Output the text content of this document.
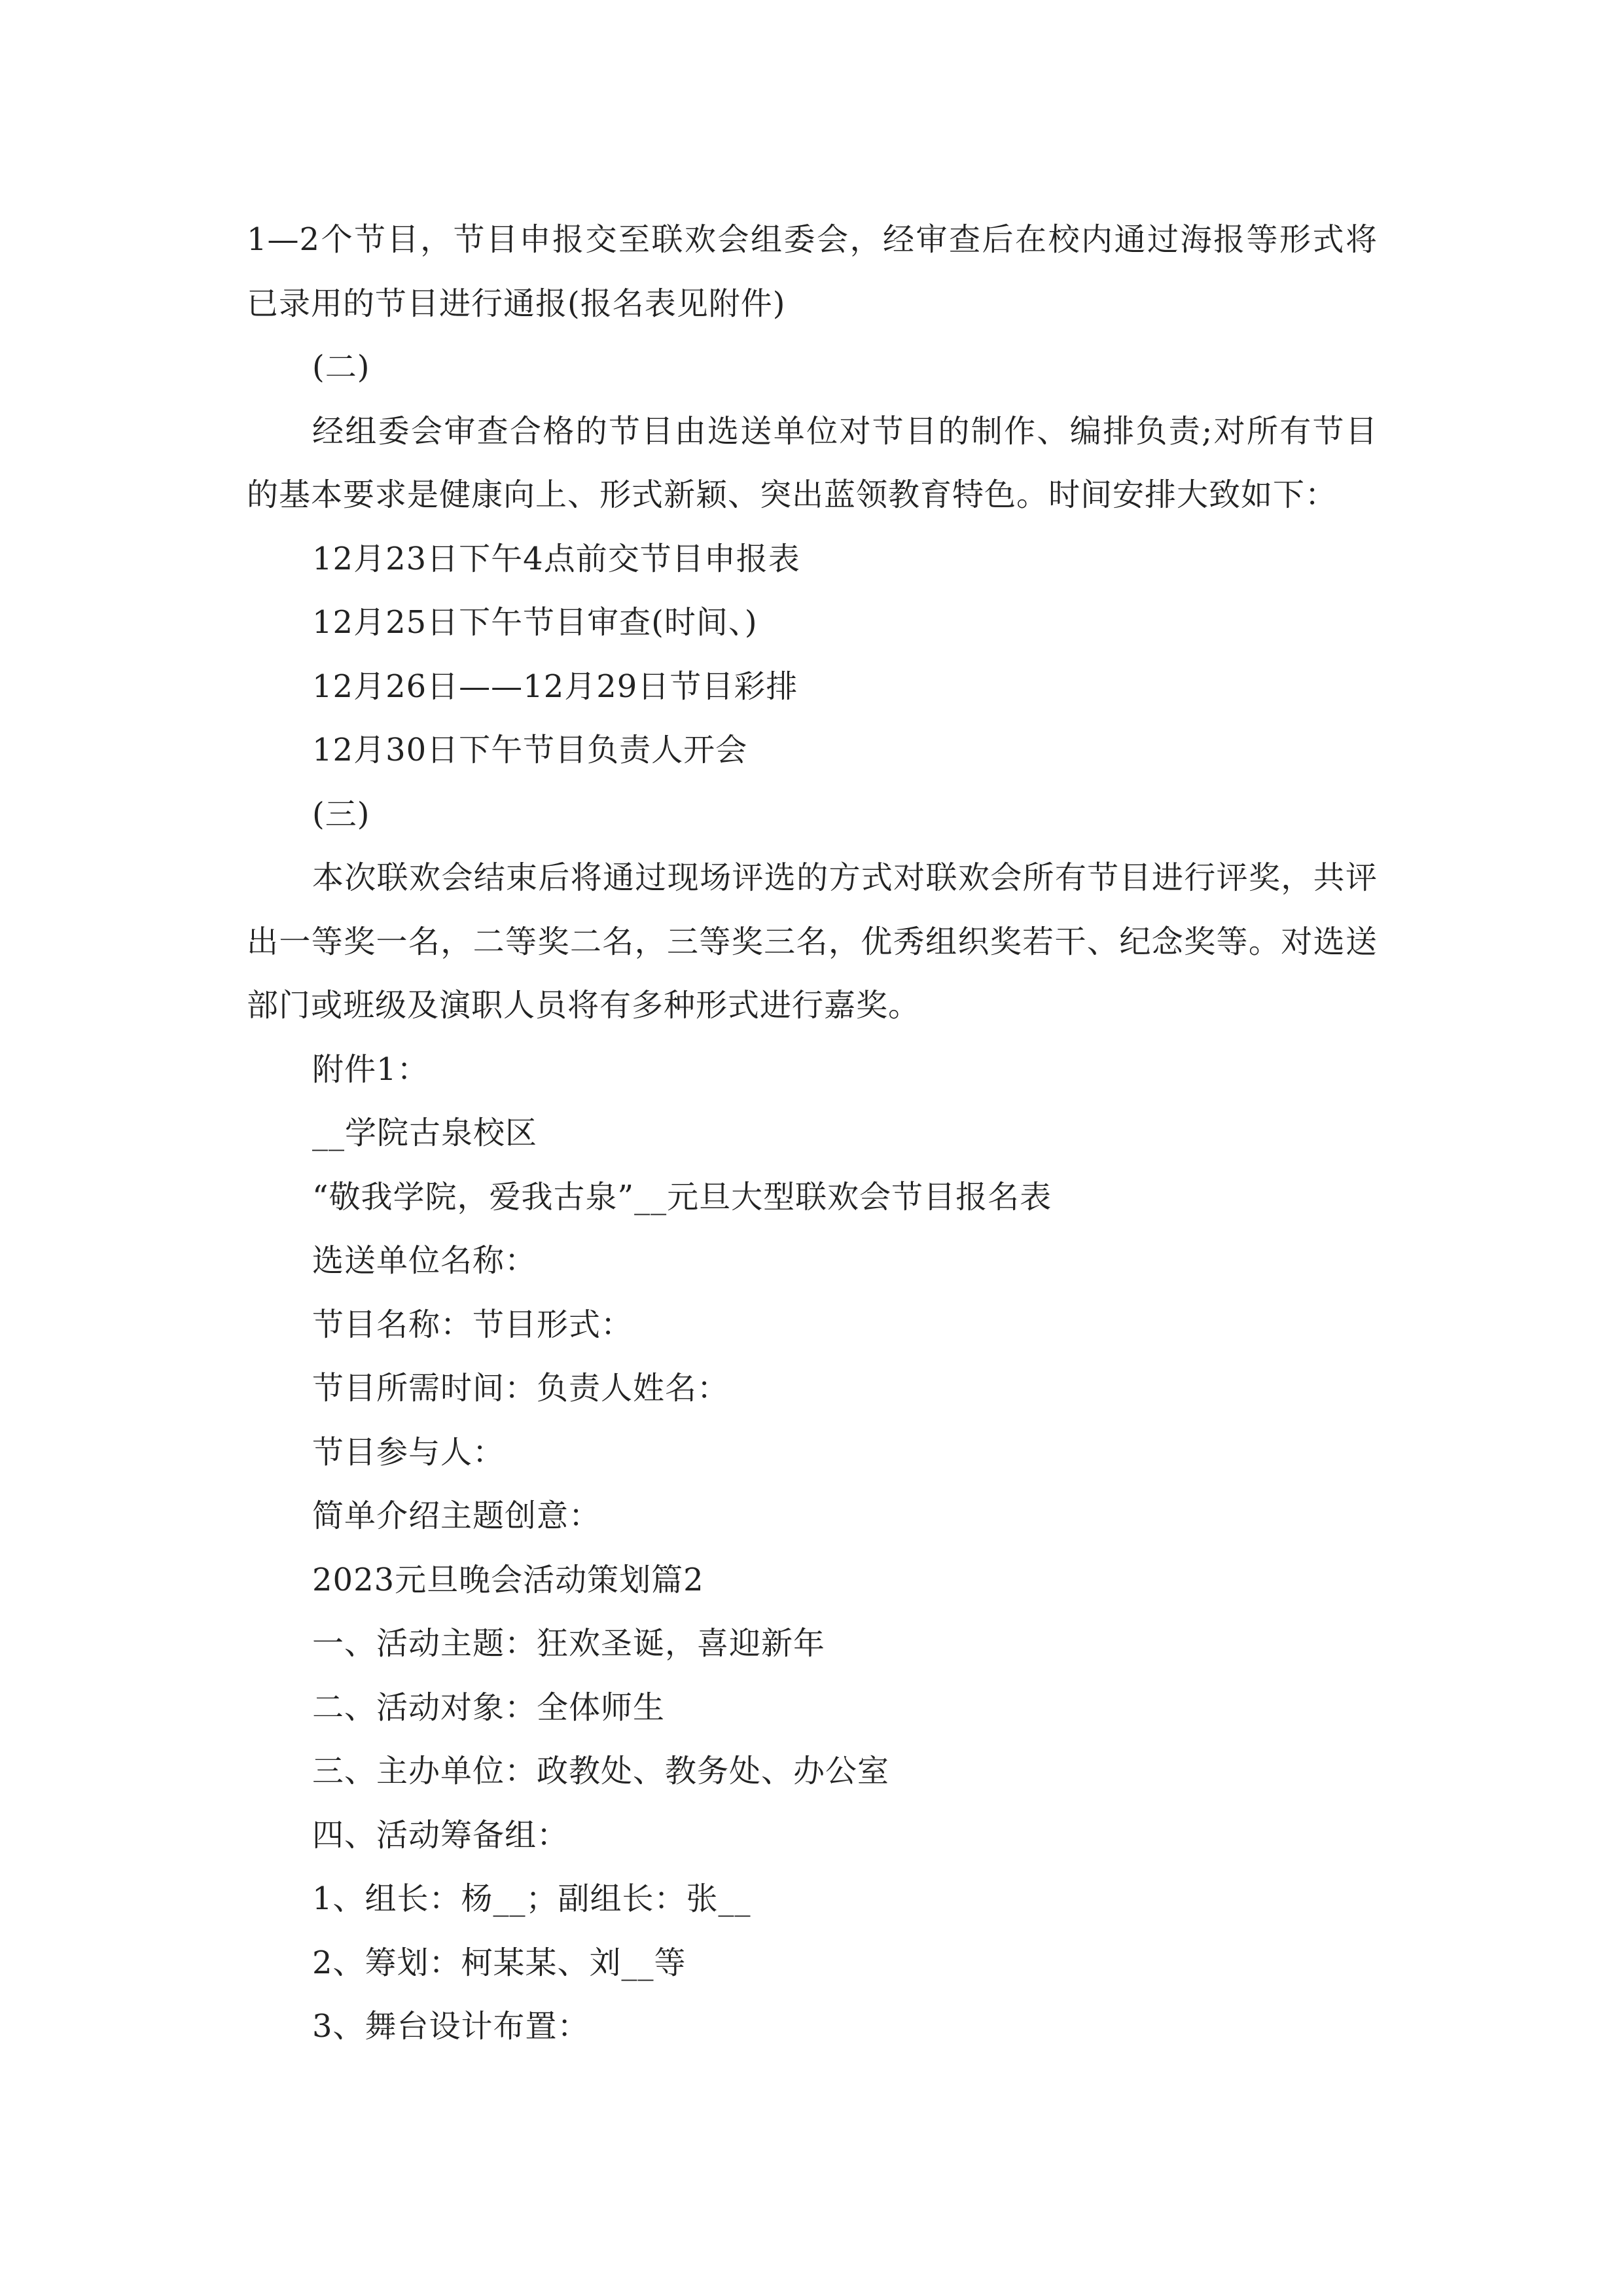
1—2个节目，节目申报交至联欢会组委会，经审查后在校内通过海报等形式将已录用的节目进行通报(报名表见附件)

(二)

经组委会审查合格的节目由选送单位对节目的制作、编排负责;对所有节目的基本要求是健康向上、形式新颖、突出蓝领教育特色。时间安排大致如下：

12月23日下午4点前交节目申报表

12月25日下午节目审查(时间、)

12月26日——12月29日节目彩排

12月30日下午节目负责人开会

(三)

本次联欢会结束后将通过现场评选的方式对联欢会所有节目进行评奖，共评出一等奖一名，二等奖二名，三等奖三名，优秀组织奖若干、纪念奖等。对选送部门或班级及演职人员将有多种形式进行嘉奖。

附件1：

__学院古泉校区

“敬我学院，爱我古泉”__元旦大型联欢会节目报名表

选送单位名称：

节目名称：节目形式：

节目所需时间：负责人姓名：

节目参与人：

简单介绍主题创意：

2023元旦晚会活动策划篇2

一、活动主题：狂欢圣诞，喜迎新年

二、活动对象：全体师生

三、主办单位：政教处、教务处、办公室

四、活动筹备组：

1、组长：杨__；副组长：张__

2、筹划：柯某某、刘__等

3、舞台设计布置：
